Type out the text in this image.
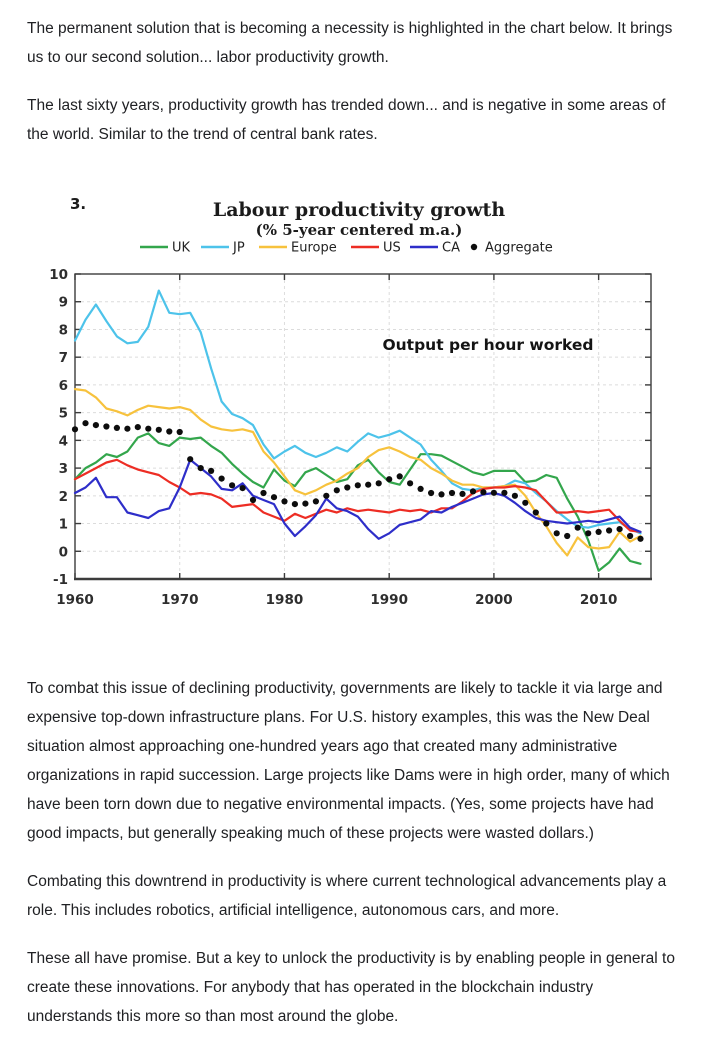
The permanent solution that is becoming a necessity is highlighted in the chart below. It brings us to our second solution... labor productivity growth.

The last sixty years, productivity growth has trended down... and is negative in some areas of the world. Similar to the trend of central bank rates.

3.	Labour productivity growth
(% 5-year centered m.a.)
UK	JP	Europe	US	CA Aggregate
-1
0
1
2
3
4
5
6
7
8
9
10
1960	1970	1980	1990	2000	2010
Output per hour worked

To combat this issue of declining productivity, governments are likely to tackle it via large and expensive top-down infrastructure plans. For U.S. history examples, this was the New Deal situation almost approaching one-hundred years ago that created many administrative organizations in rapid succession. Large projects like Dams were in high order, many of which have been torn down due to negative environmental impacts. (Yes, some projects have had good impacts, but generally speaking much of these projects were wasted dollars.)

Combating this downtrend in productivity is where current technological advancements play a role. This includes robotics, artificial intelligence, autonomous cars, and more.

These all have promise. But a key to unlock the productivity is by enabling people in general to create these innovations. For anybody that has operated in the blockchain industry understands this more so than most around the globe.
